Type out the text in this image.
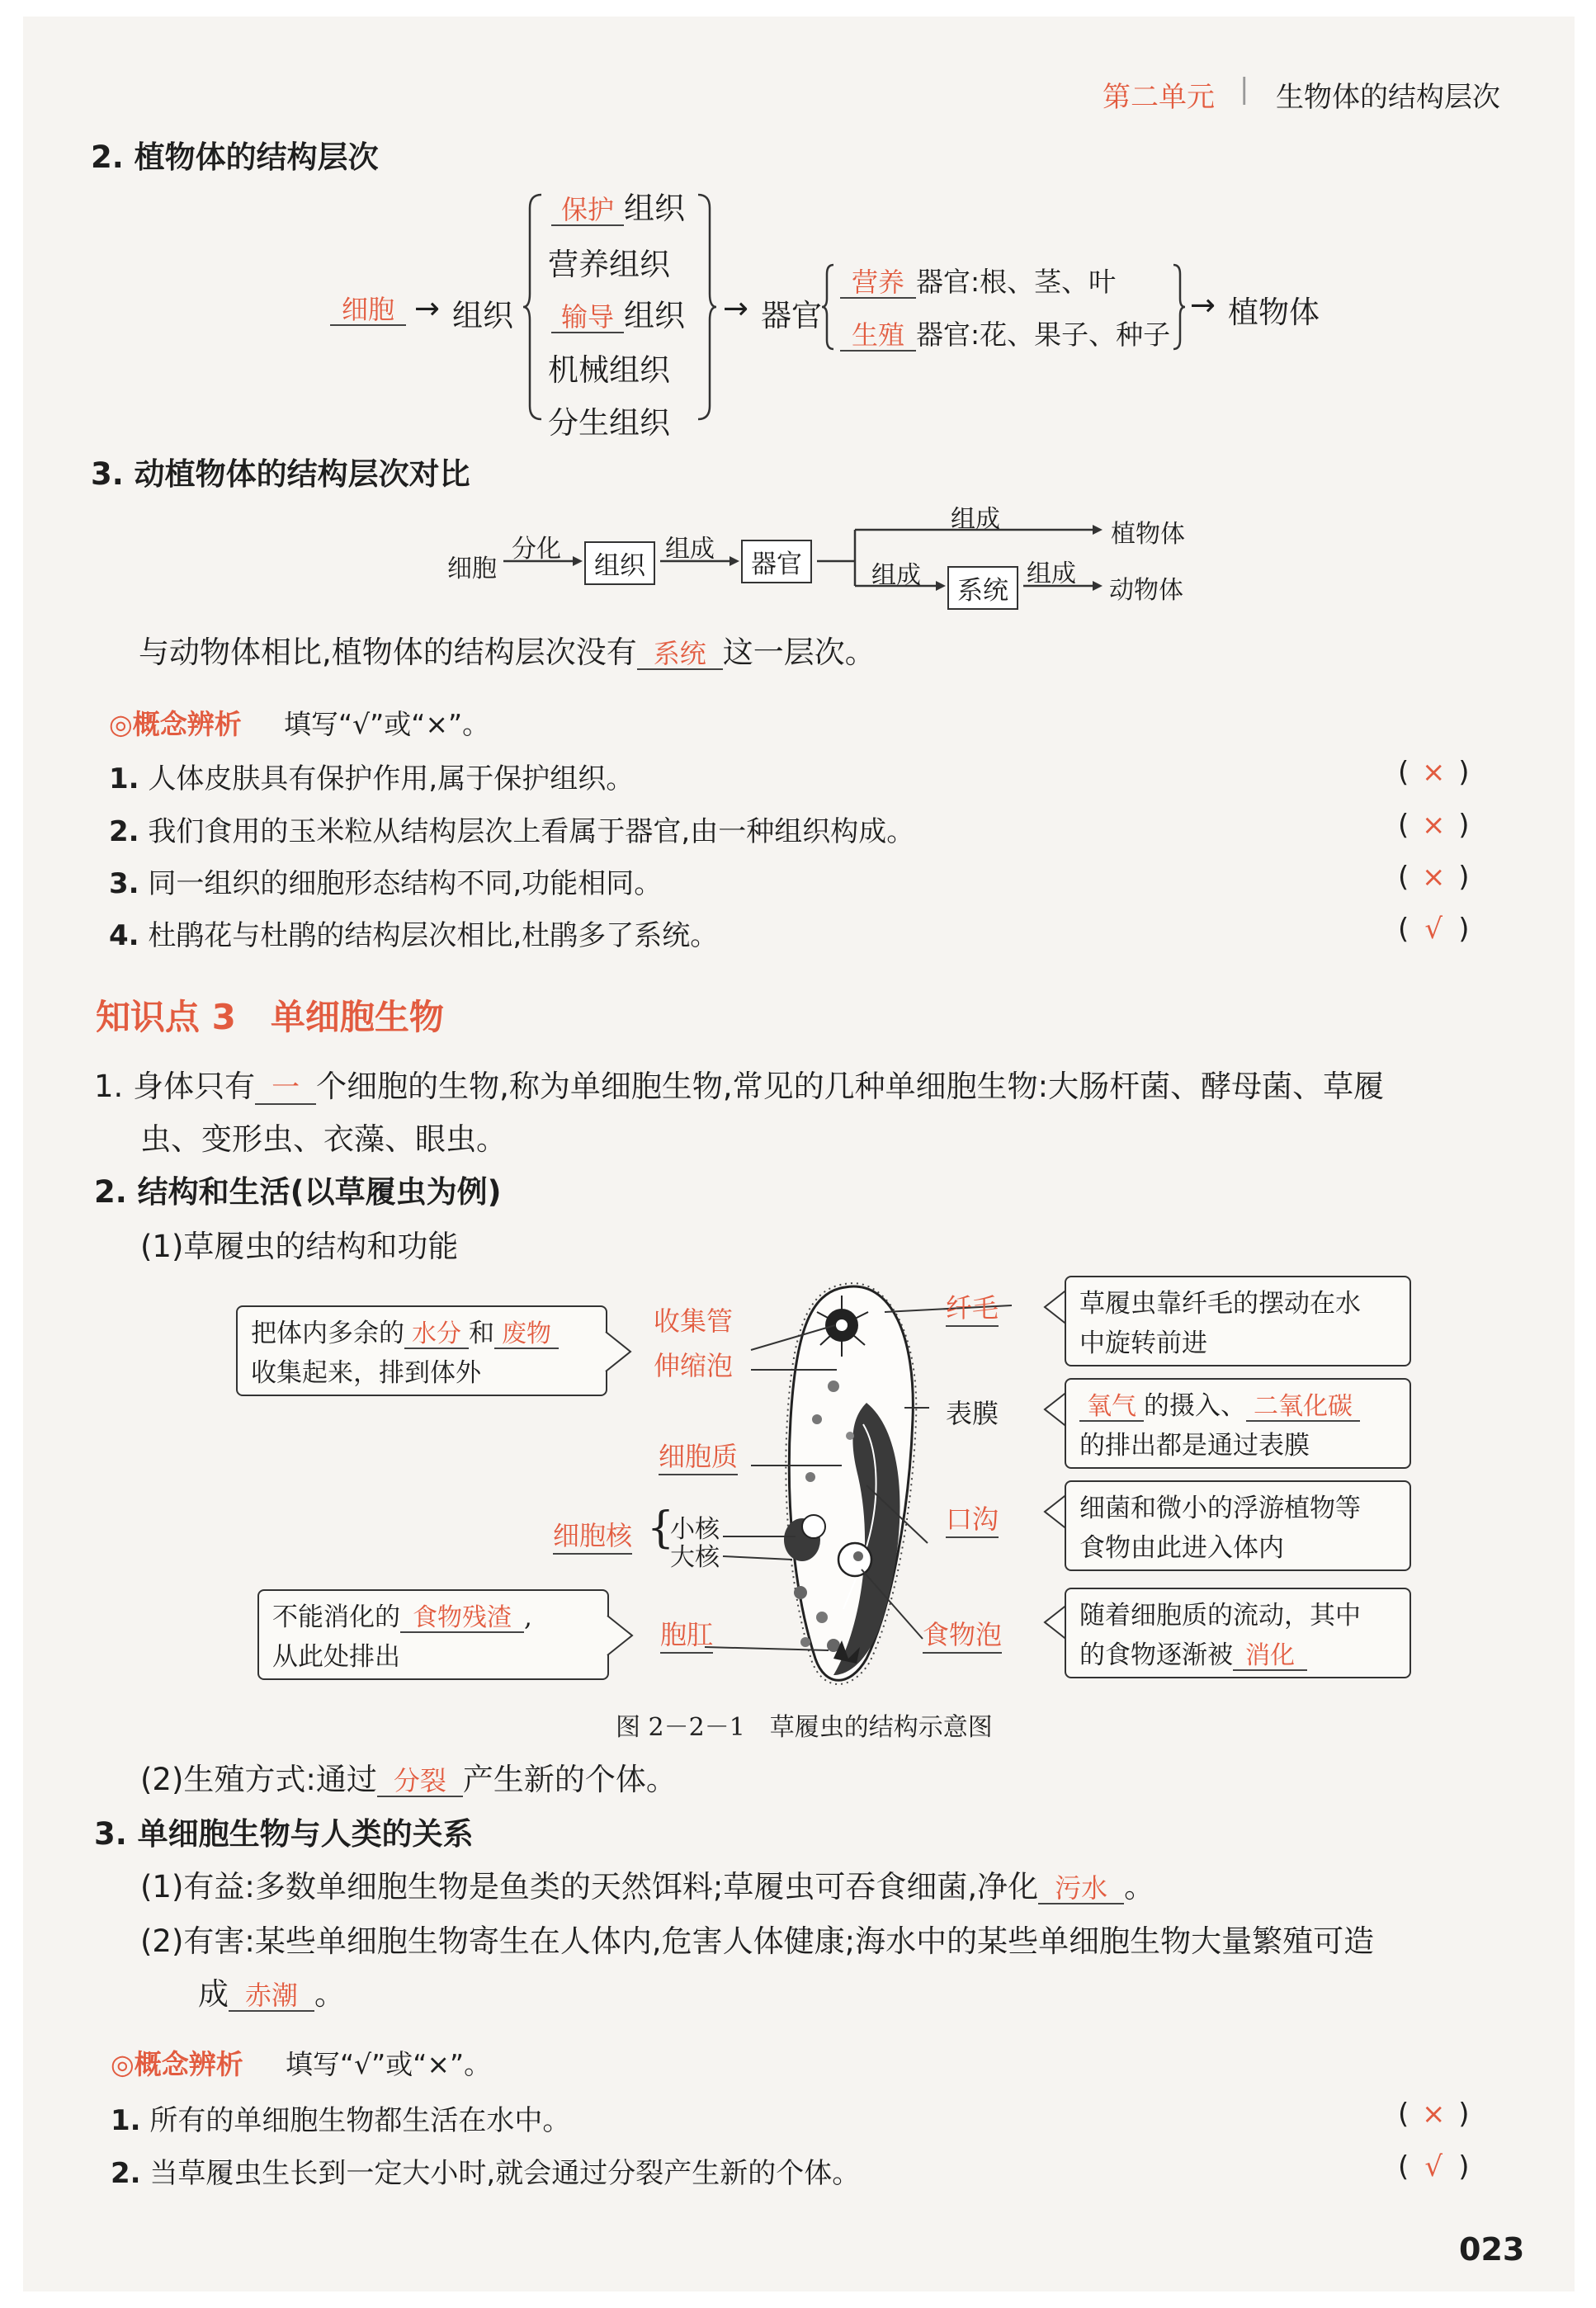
第二单元 | 生物体的结构层次
2. 植物体的结构层次
细胞 → 组织
保护 组织
营养组织
输导 组织
机械组织
分生组织
→ 器官
营养 器官:根、茎、叶
生殖 器官:花、果子、种子
→ 植物体
3. 动植物体的结构层次对比
细胞
分化
组织
组成
器官
组成
植物体
组成
系统
组成
动物体
与动物体相比,植物体的结构层次没有 系统 这一层次。
◎概念辨析 填写“√”或“×”。
1. 人体皮肤具有保护作用,属于保护组织。	( × )
2. 我们食用的玉米粒从结构层次上看属于器官,由一种组织构成。	( × )
3. 同一组织的细胞形态结构不同,功能相同。	( × )
4. 杜鹃花与杜鹃的结构层次相比,杜鹃多了系统。	( √ )
知识点 3　单细胞生物
1. 身体只有 一 个细胞的生物,称为单细胞生物,常见的几种单细胞生物:大肠杆菌、酵母菌、草履
虫、变形虫、衣藻、眼虫。
2. 结构和生活(以草履虫为例)
(1)草履虫的结构和功能
把体内多余的 水分 和 废物
收集起来，排到体外
收集管
伸缩泡
细胞质
细胞核 {
小核
大核
不能消化的 食物残渣 ,
从此处排出
胞肛
纤毛
表膜
口沟
食物泡
草履虫靠纤毛的摆动在水
中旋转前进
氧气 的摄入、 二氧化碳
的排出都是通过表膜
细菌和微小的浮游植物等
食物由此进入体内
随着细胞质的流动，其中
的食物逐渐被 消化
图 2－2－1　草履虫的结构示意图
(2)生殖方式:通过 分裂 产生新的个体。
3. 单细胞生物与人类的关系
(1)有益:多数单细胞生物是鱼类的天然饵料;草履虫可吞食细菌,净化 污水 。
(2)有害:某些单细胞生物寄生在人体内,危害人体健康;海水中的某些单细胞生物大量繁殖可造
成 赤潮 。
◎概念辨析 填写“√”或“×”。
1. 所有的单细胞生物都生活在水中。	( × )
2. 当草履虫生长到一定大小时,就会通过分裂产生新的个体。	( √ )
023
